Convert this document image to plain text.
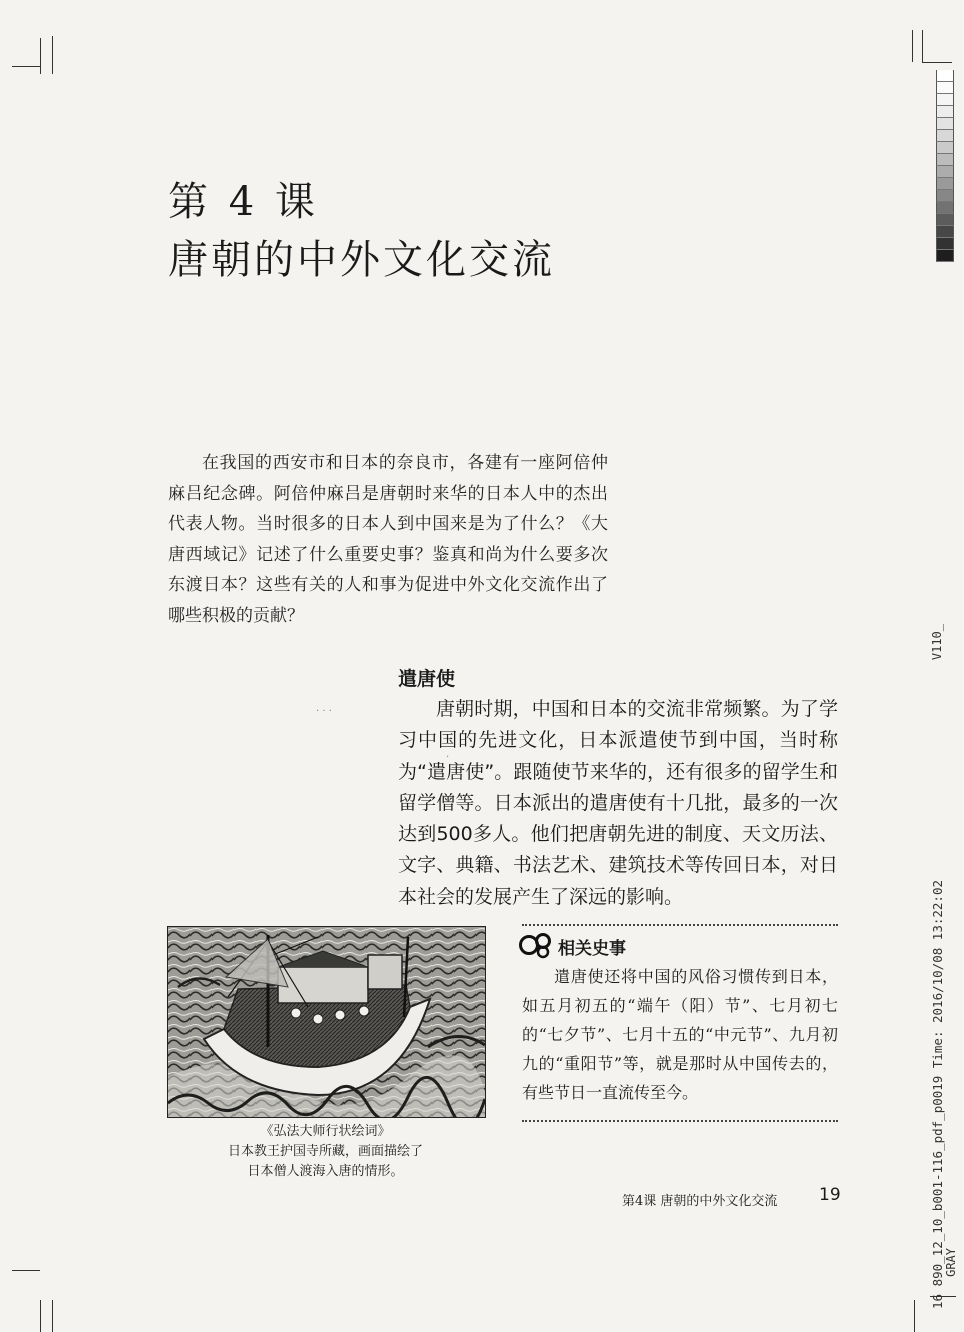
V110_
16 890_12_10_b001-116_pdf_p0019 Time: 2016/10/08 13:22:02 GRAY
第 4 课
唐朝的中外文化交流

在我国的西安市和日本的奈良市，各建有一座阿倍仲麻吕纪念碑。阿倍仲麻吕是唐朝时来华的日本人中的杰出代表人物。当时很多的日本人到中国来是为了什么？《大唐西域记》记述了什么重要史事？鉴真和尚为什么要多次东渡日本？这些有关的人和事为促进中外文化交流作出了哪些积极的贡献？

遣唐使

唐朝时期，中国和日本的交流非常频繁。为了学习中国的先进文化，日本派遣使节到中国，当时称为“遣唐使”。跟随使节来华的，还有很多的留学生和留学僧等。日本派出的遣唐使有十几批，最多的一次达到500多人。他们把唐朝先进的制度、天文历法、文字、典籍、书法艺术、建筑技术等传回日本，对日本社会的发展产生了深远的影响。

《弘法大师行状绘词》
日本教王护国寺所藏，画面描绘了
日本僧人渡海入唐的情形。
相关史事

遣唐使还将中国的风俗习惯传到日本，如五月初五的“端午（阳）节”、七月初七的“七夕节”、七月十五的“中元节”、九月初九的“重阳节”等，就是那时从中国传去的，有些节日一直流传至今。

第4课 唐朝的中外文化交流 19
· · ·
·
